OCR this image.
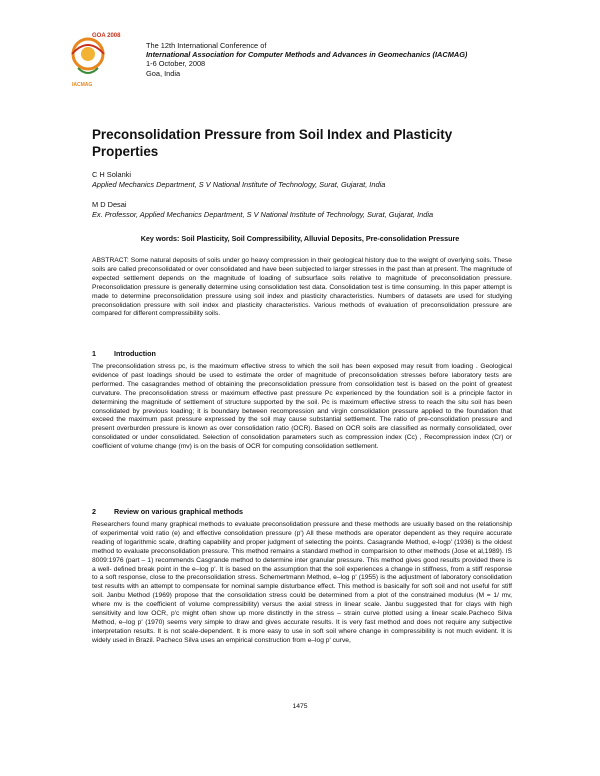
GOA 2008
IACMAG
The 12th International Conference of
International Association for Computer Methods and Advances in Geomechanics (IACMAG)
1-6 October, 2008
Goa, India
Preconsolidation Pressure from Soil Index and Plasticity Properties
C H Solanki
Applied Mechanics Department, S V National Institute of Technology, Surat, Gujarat, India
M D Desai
Ex. Professor, Applied Mechanics Department, S V National Institute of Technology, Surat, Gujarat, India
Key words: Soil Plasticity, Soil Compressibility, Alluvial Deposits, Pre-consolidation Pressure

ABSTRACT: Some natural deposits of soils under go heavy compression in their geological history due to the weight of overlying soils. These soils are called preconsolidated or over consolidated and have been subjected to larger stresses in the past than at present. The magnitude of expected settlement depends on the magnitude of loading of subsurface soils relative to magnitude of preconsolidation pressure. Preconsolidation pressure is generally determine using consolidation test data. Consolidation test is time consuming. In this paper attempt is made to determine preconsolidation pressure using soil index and plasticity characteristics. Numbers of datasets are used for studying preconsolidation pressure with soil index and plasticity characteristics. Various methods of evaluation of preconsolidation pressure are compared for different compressibility soils.

1	Introduction

The preconsolidation stress pc, is the maximum effective stress to which the soil has been exposed may result from loading . Geological evidence of past loadings should be used to estimate the order of magnitude of preconsolidation stresses before laboratory tests are performed. The casagrandes method of obtaining the preconsolidation pressure from consolidation test is based on the point of greatest curvature. The preconsolidation stress or maximum effective past pressure Pc experienced by the foundation soil is a principle factor in determining the magnitude of settlement of structure supported by the soil. Pc is maximum effective stress to reach the situ soil has been consolidated by previous loading; it is boundary between recompression and virgin consolidation pressure applied to the foundation that exceed the maximum past pressure expressed by the soil may cause substantial settlement. The ratio of pre-consolidation pressure and present overburden pressure is known as over consolidation ratio (OCR). Based on OCR soils are classified as normally consolidated, over consolidated or under consolidated. Selection of consolidation parameters such as compression index (Cc) , Recompression index (Cr) or coefficient of volume change (mv) is on the basis of OCR for computing consolidation settlement.

2	Review on various graphical methods

Researchers found many graphical methods to evaluate preconsolidation pressure and these methods are usually based on the relationship of experimental void ratio (e) and effective consolidation pressure (p') All these methods are operator dependent as they require accurate reading of logarithmic scale, drafting capability and proper judgment of selecting the points. Casagrande Method, e-logp' (1936) is the oldest method to evaluate preconsolidation pressure. This method remains a standard method in comparision to other methods (Jose et al,1989). IS 8009:1976 (part – 1) recommends Casgrande method to determine inter granular pressure. This method gives good results provided there is a well- defined break point in the e–log p'. It is based on the assumption that the soil experiences a change in stiffness, from a stiff response to a soft response, close to the preconsolidation stress. Schemertmann Method, e–log p' (1955) is the adjustment of laboratory consolidation test results with an attempt to compensate for nominal sample disturbance effect. This method is basically for soft soil and not useful for stiff soil. Janbu Method (1969) propose that the consolidation stress could be determined from a plot of the constrained modulus (M = 1/ mv, where mv is the coefficient of volume compressibility) versus the axial stress in linear scale. Janbu suggested that for clays with high sensitivity and low OCR, p'c might often show up more distinctly in the stress – strain curve plotted using a linear scale.Pacheco Silva Method, e–log p' (1970) seems very simple to draw and gives accurate results. It is very fast method and does not require any subjective interpretation results. It is not scale-dependent. It is more easy to use in soft soil where change in compressibility is not much evident. It is widely used in Brazil. Pacheco Silva uses an empirical construction from e–log p' curve,

1475
